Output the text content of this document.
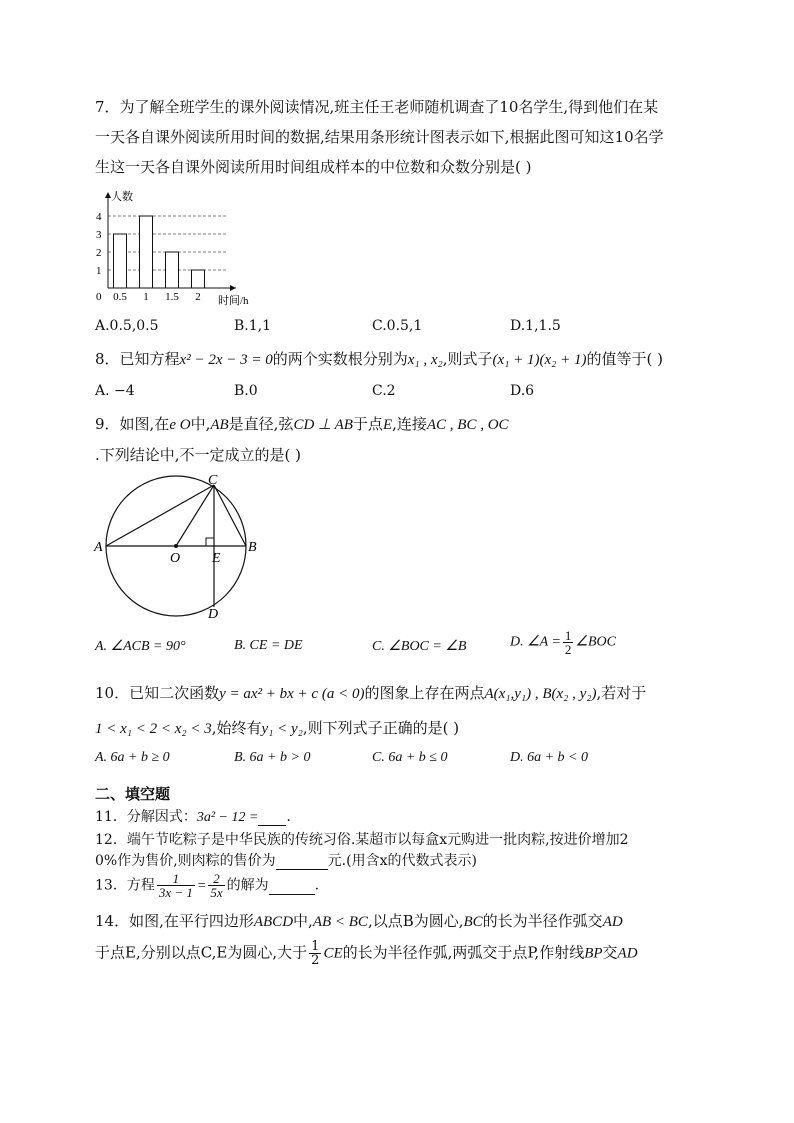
7．为了解全班学生的课外阅读情况,班主任王老师随机调查了10名学生,得到他们在某
一天各自课外阅读所用时间的数据,结果用条形统计图表示如下,根据此图可知这10名学
生这一天各自课外阅读所用时间组成样本的中位数和众数分别是( )
1
2
3
4
0 0.5 1 1.5 2
人数
时间/h
A.0.5,0.5	B.1,1	C.0.5,1	D.1,1.5
8．已知方程x² − 2x − 3 = 0的两个实数根分别为x₁ , x₂,则式子(x₁ + 1)(x₂ + 1)的值等于( )
A. −4	B.0	C.2	D.6
9．如图,在e O中,AB是直径,弦CD ⊥ AB于点E,连接AC , BC , OC
.下列结论中,不一定成立的是( )
C
A	B
O E
D
A. ∠ACB = 90°	B. CE = DE	C. ∠BOC = ∠B	D. ∠A = $\frac{1}{2}$ ∠BOC
10．已知二次函数y = ax² + bx + c (a < 0)的图象上存在两点A(x₁,y₁) , B(x₂ , y₂),若对于
1 < x₁ < 2 < x₂ < 3,始终有y₁ < y₂,则下列式子正确的是( )
A. 6a + b ≥ 0	B. 6a + b > 0	C. 6a + b ≤ 0	D. 6a + b < 0
二、填空题
11．分解因式：3a² − 12 = .
12．端午节吃粽子是中华民族的传统习俗.某超市以每盒x元购进一批肉粽,按进价增加2
0%作为售价,则肉粽的售价为	元.(用含x的代数式表示)
13．方程 $\frac{1}{3x - 1} = \frac{2}{5x}$ 的解为	.
14．如图,在平行四边形ABCD中,AB < BC,以点B为圆心,BC的长为半径作弧交AD
于点E,分别以点C,E为圆心,大于 $\frac{1}{2}$ CE的长为半径作弧,两弧交于点P,作射线BP交AD
